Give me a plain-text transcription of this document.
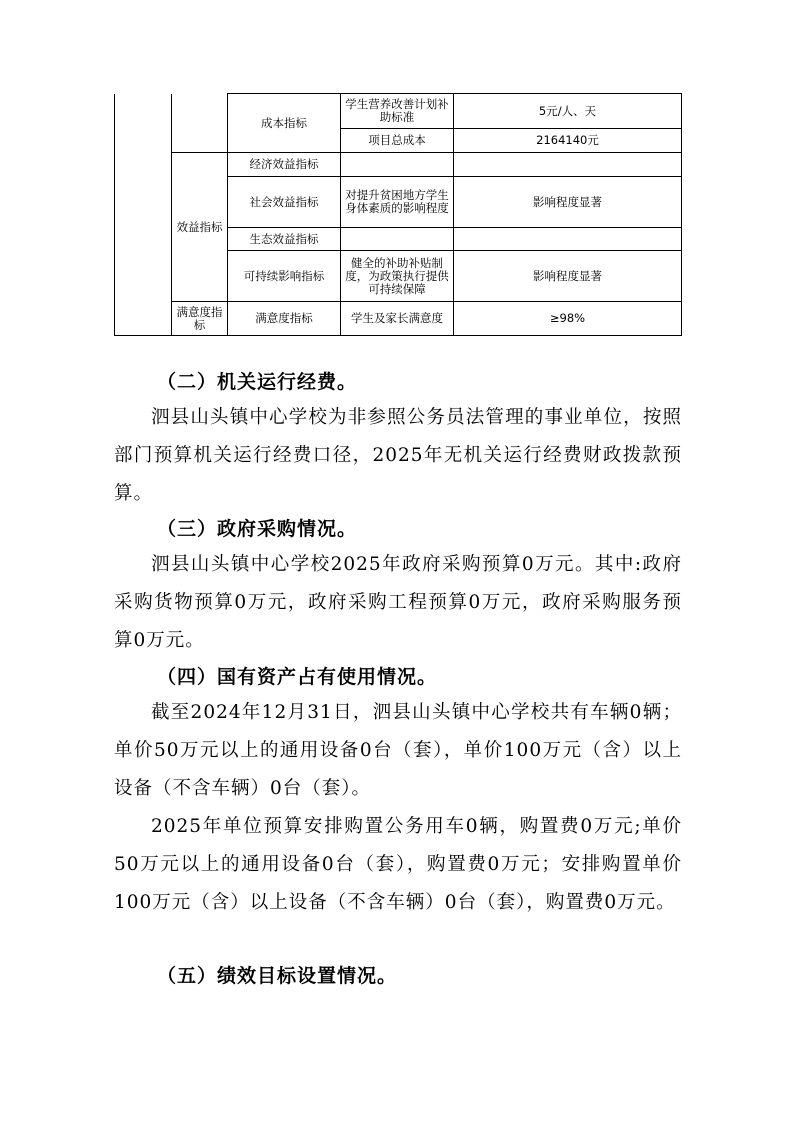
		成本指标	学生营养改善计划补助标准	5元/人、天
			项目总成本	2164140元
	效益指标	经济效益指标		
		社会效益指标	对提升贫困地方学生身体素质的影响程度	影响程度显著
		生态效益指标		
		可持续影响指标	健全的补助补贴制度，为政策执行提供可持续保障	影响程度显著
	满意度指标	满意度指标	学生及家长满意度	≥98%
（二）机关运行经费。
泗县山头镇中心学校为非参照公务员法管理的事业单位，按照部门预算机关运行经费口径，2025年无机关运行经费财政拨款预算。
（三）政府采购情况。
泗县山头镇中心学校2025年政府采购预算0万元。其中:政府采购货物预算0万元，政府采购工程预算0万元，政府采购服务预算0万元。
（四）国有资产占有使用情况。
截至2024年12月31日，泗县山头镇中心学校共有车辆0辆；单价50万元以上的通用设备0台（套），单价100万元（含）以上设备（不含车辆）0台（套）。
2025年单位预算安排购置公务用车0辆，购置费0万元;单价50万元以上的通用设备0台（套），购置费0万元；安排购置单价100万元（含）以上设备（不含车辆）0台（套），购置费0万元。
（五）绩效目标设置情况。
